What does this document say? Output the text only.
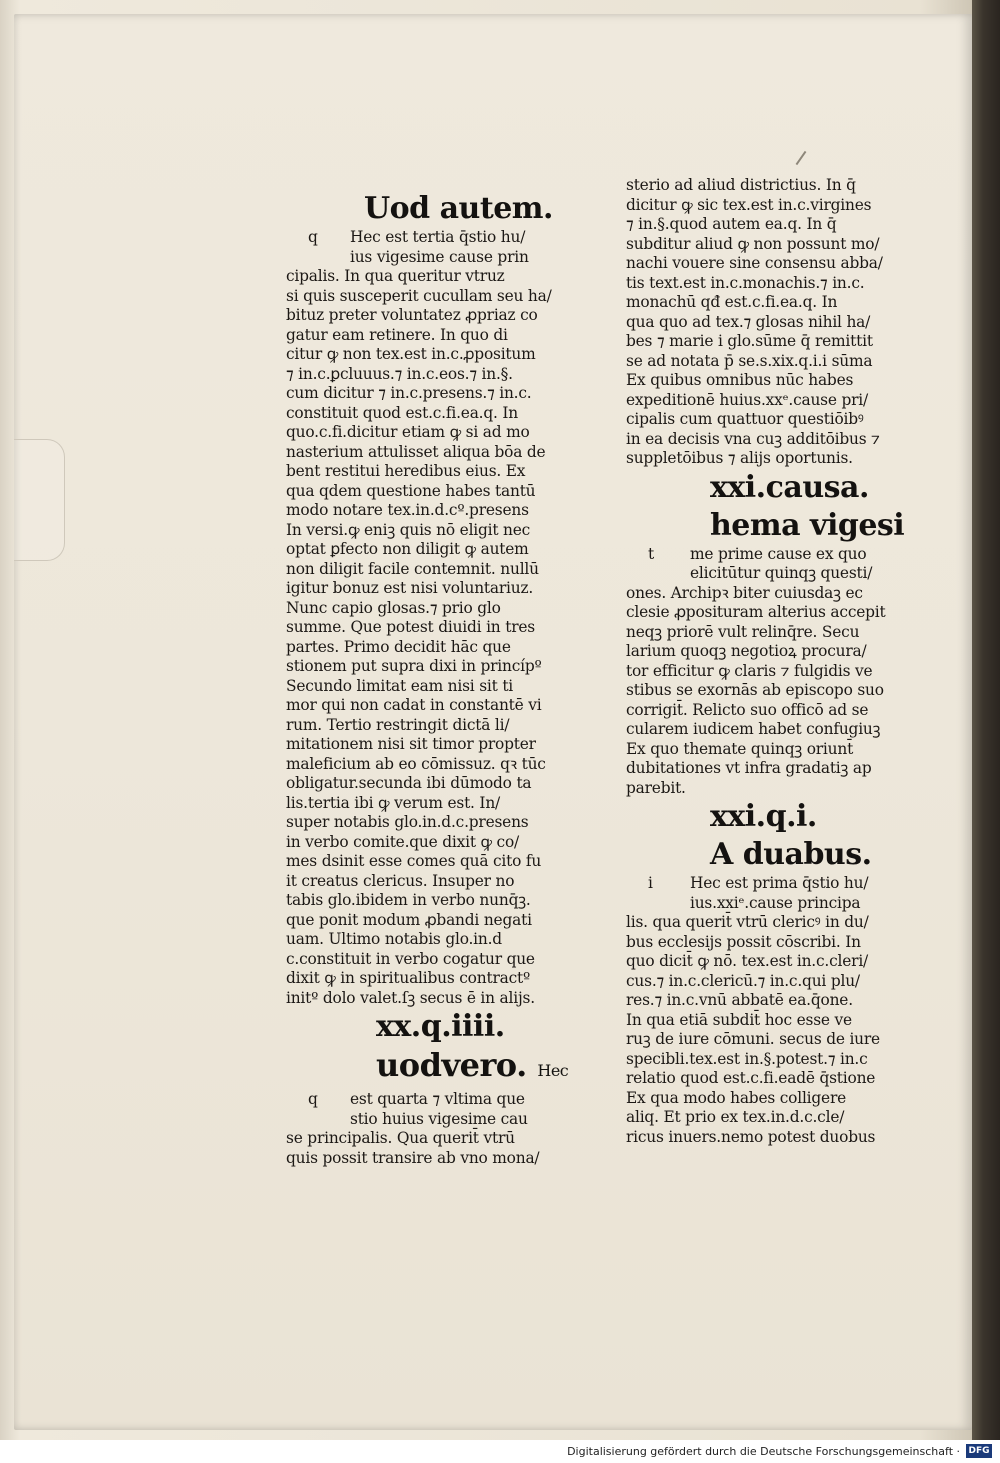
Uod autem.
q Hec est tertia q̄stio hu/
ius vigesime cause prin
cipalis. In qua queritur vtruz
si quis susceperit cucullam seu ha/
bituz preter voluntatez ꝓpriaz co
gatur eam retinere. In quo di
citur ꝙ non tex.est in.c.ꝓpositum
⁊ in.c.ꝑcluuus.⁊ in.c.eos.⁊ in.§.
cum dicitur ⁊ in.c.presens.⁊ in.c.
constituit quod est.c.fi.ea.q. In
quo.c.fi.dicitur etiam ꝙ si ad mo
nasterium attulisset aliqua bōa de
bent restitui heredibus eius. Ex
qua qdem questione habes tantū
modo notare tex.in.d.cº.presens
In versi.ꝙ eniꝫ quis nō eligit nec
optat ꝑfecto non diligit ꝙ autem
non diligit facile contemnit. nullū
igitur bonuz est nisi voluntariuz.
Nunc capio glosas.⁊ prio glo
summe. Que potest diuidi in tres
partes. Primo decidit hāc que
stionem put supra dixi in princípº
Secundo limitat eam nisi sit ti
mor qui non cadat in constantē vi
rum. Tertio restringit dictā li/
mitationem nisi sit timor propter
maleficium ab eo cōmissuz. qꝛ tūc
obligatur.secunda ibi dūmodo ta
lis.tertia ibi ꝙ verum est. In/
super notabis glo.in.d.c.presens
in verbo comite.que dixit ꝙ co/
mes dsinit esse comes quā cito fu
it creatus clericus. Insuper no
tabis glo.ibidem in verbo nunq̄ꝫ.
que ponit modum ꝓbandi negati
uam. Ultimo notabis glo.in.d
c.constituit in verbo cogatur que
dixit ꝙ in spiritualibus contractº
initº dolo valet.ſꝫ secus ē in alijs.
xx.q.iiii.
uodvero. Hec
q est quarta ⁊ vltima que
stio huius vigesime cau
se principalis. Qua querit̄ vtrū
quis possit transire ab vno mona/
sterio ad aliud districtius. In q̄
dicitur ꝙ sic tex.est in.c.virgines
⁊ in.§.quod autem ea.q. In q̄
subditur aliud ꝙ non possunt mo/
nachi vouere sine consensu abba/
tis text.est in.c.monachis.⁊ in.c.
monachū qđ est.c.fi.ea.q. In
qua quo ad tex.⁊ glosas nihil ha/
bes ⁊ marie i glo.sūme q̄ remittit
se ad notata p̄ se.s.xix.q.i.i sūma
Ex quibus omnibus nūc habes
expeditionē huius.xxᵉ.cause pri/
cipalis cum quattuor questiōibꝰ
in ea decisis vna cuꝫ additōibus ⁊
suppletōibus ⁊ alijs oportunis.
xxi.causa.
hema vigesi
t me prime cause ex quo
elicitūtur quinqꝫ questi/
ones. Archipꝛ biter cuiusdaꝫ ec
clesie ꝓposituram alterius accepit
neqꝫ priorē vult relinq̄re. Secu
larium quoqꝫ negotioꝝ procura/
tor efficitur ꝙ claris ⁊ fulgidis ve
stibus se exornās ab episcopo suo
corrigit̄. Relicto suo officō ad se
cularem iudicem habet confugiuꝫ
Ex quo themate quinqꝫ oriunt̄
dubitationes vt infra gradatiꝫ ap
parebit.
xxi.q.i.
A duabus.
i Hec est prima q̄stio hu/
ius.xxiᵉ.cause principa
lis. qua querit̄ vtrū clericꝰ in du/
bus ecclesijs possit cōscribi. In
quo dicit̄ ꝙ nō. tex.est in.c.cleri/
cus.⁊ in.c.clericū.⁊ in.c.qui plu/
res.⁊ in.c.vnū abbatē ea.q̄one.
In qua etiā subdit̄ hoc esse ve
ruꝫ de iure cōmuni. secus de iure
specibli.tex.est in.§.potest.⁊ in.c
relatio quod est.c.fi.eadē q̄stione
Ex qua modo habes colligere
aliq. Et prio ex tex.in.d.c.cle/
ricus inuers.nemo potest duobus
Digitalisierung gefördert durch die Deutsche Forschungsgemeinschaft · DFG
